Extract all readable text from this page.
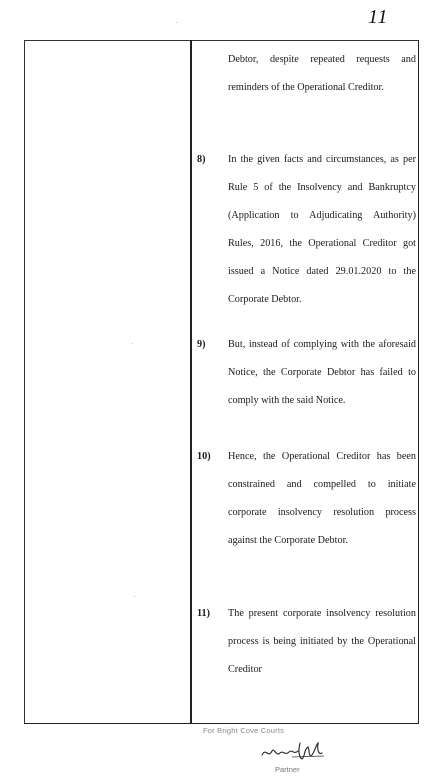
11

Debtor, despite repeated requests and reminders of the Operational Creditor.

8) In the given facts and circumstances, as per Rule 5 of the Insolvency and Bankruptcy (Application to Adjudicating Authority) Rules, 2016, the Operational Creditor got issued a Notice dated 29.01.2020 to the Corporate Debtor.

9) But, instead of complying with the aforesaid Notice, the Corporate Debtor has failed to comply with the said Notice.

10) Hence, the Operational Creditor has been constrained and compelled to initiate corporate insolvency resolution process against the Corporate Debtor.

11) The present corporate insolvency resolution process is being initiated by the Operational Creditor

For Bright Cove Courts
Partner
